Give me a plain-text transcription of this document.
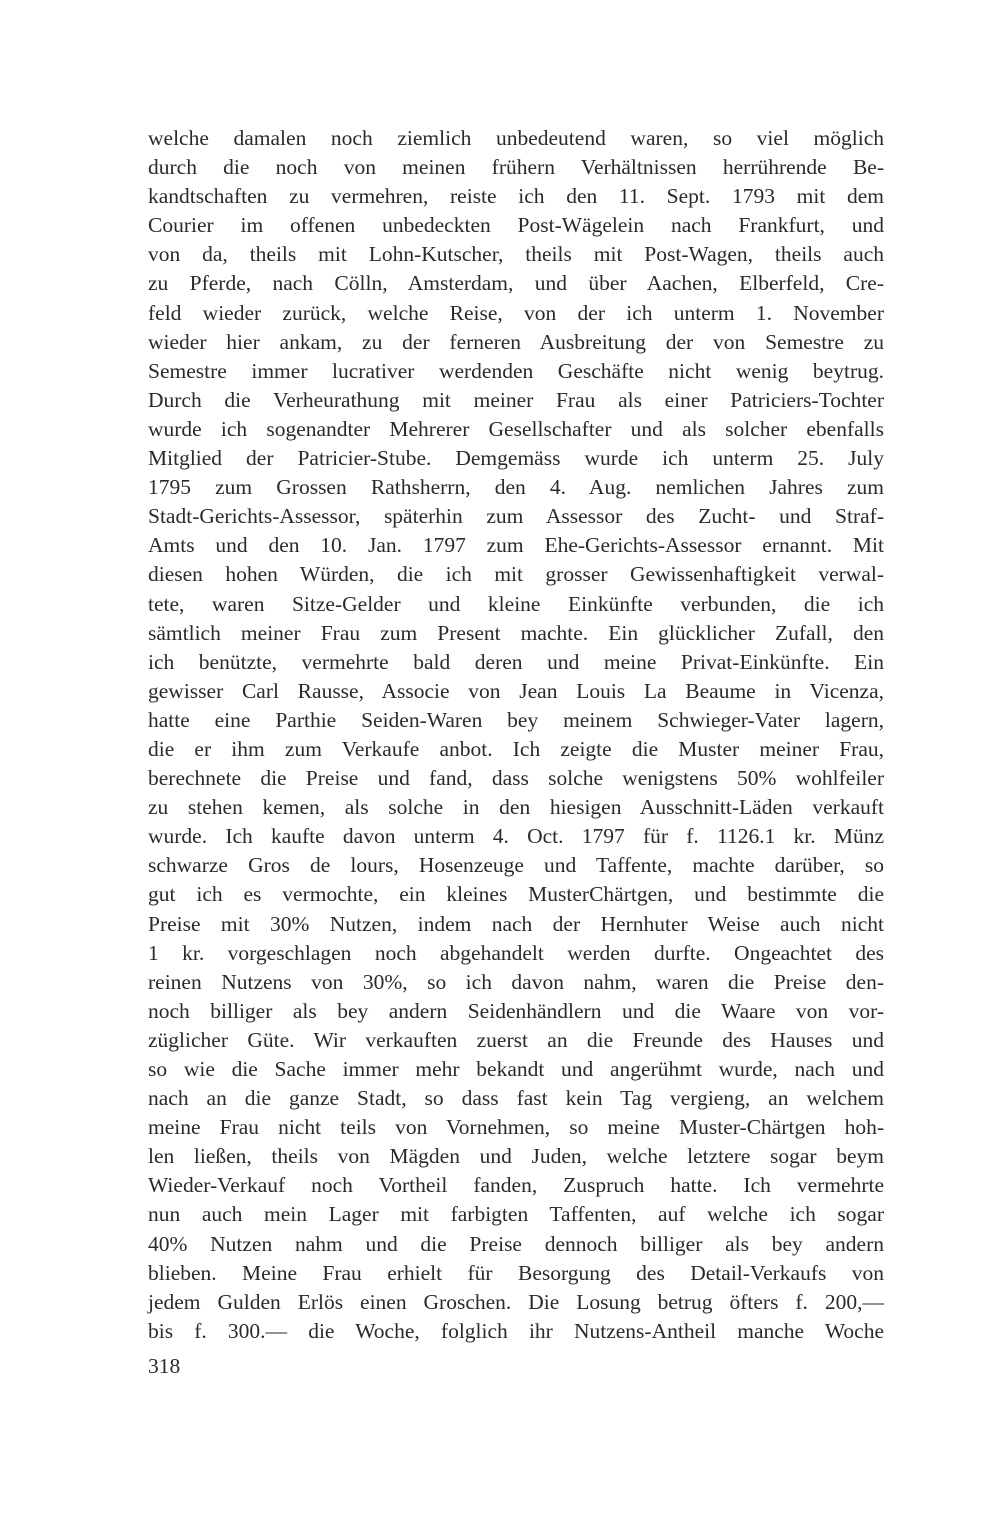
welche damalen noch ziemlich unbedeutend waren, so viel möglich
durch die noch von meinen frühern Verhältnissen herrührende Be-
kandtschaften zu vermehren, reiste ich den 11. Sept. 1793 mit dem
Courier im offenen unbedeckten Post-Wägelein nach Frankfurt, und
von da, theils mit Lohn-Kutscher, theils mit Post-Wagen, theils auch
zu Pferde, nach Cölln, Amsterdam, und über Aachen, Elberfeld, Cre-
feld wieder zurück, welche Reise, von der ich unterm 1. November
wieder hier ankam, zu der ferneren Ausbreitung der von Semestre zu
Semestre immer lucrativer werdenden Geschäfte nicht wenig beytrug.
Durch die Verheurathung mit meiner Frau als einer Patriciers-Tochter
wurde ich sogenandter Mehrerer Gesellschafter und als solcher ebenfalls
Mitglied der Patricier-Stube. Demgemäss wurde ich unterm 25. July
1795 zum Grossen Rathsherrn, den 4. Aug. nemlichen Jahres zum
Stadt-Gerichts-Assessor, späterhin zum Assessor des Zucht- und Straf-
Amts und den 10. Jan. 1797 zum Ehe-Gerichts-Assessor ernannt. Mit
diesen hohen Würden, die ich mit grosser Gewissenhaftigkeit verwal-
tete, waren Sitze-Gelder und kleine Einkünfte verbunden, die ich
sämtlich meiner Frau zum Present machte. Ein glücklicher Zufall, den
ich benützte, vermehrte bald deren und meine Privat-Einkünfte. Ein
gewisser Carl Rausse, Associe von Jean Louis La Beaume in Vicenza,
hatte eine Parthie Seiden-Waren bey meinem Schwieger-Vater lagern,
die er ihm zum Verkaufe anbot. Ich zeigte die Muster meiner Frau,
berechnete die Preise und fand, dass solche wenigstens 50% wohlfeiler
zu stehen kemen, als solche in den hiesigen Ausschnitt-Läden verkauft
wurde. Ich kaufte davon unterm 4. Oct. 1797 für f. 1126.1 kr. Münz
schwarze Gros de lours, Hosenzeuge und Taffente, machte darüber, so
gut ich es vermochte, ein kleines MusterChärtgen, und bestimmte die
Preise mit 30% Nutzen, indem nach der Hernhuter Weise auch nicht
1 kr. vorgeschlagen noch abgehandelt werden durfte. Ongeachtet des
reinen Nutzens von 30%, so ich davon nahm, waren die Preise den-
noch billiger als bey andern Seidenhändlern und die Waare von vor-
züglicher Güte. Wir verkauften zuerst an die Freunde des Hauses und
so wie die Sache immer mehr bekandt und angerühmt wurde, nach und
nach an die ganze Stadt, so dass fast kein Tag vergieng, an welchem
meine Frau nicht teils von Vornehmen, so meine Muster-Chärtgen hoh-
len ließen, theils von Mägden und Juden, welche letztere sogar beym
Wieder-Verkauf noch Vortheil fanden, Zuspruch hatte. Ich vermehrte
nun auch mein Lager mit farbigten Taffenten, auf welche ich sogar
40% Nutzen nahm und die Preise dennoch billiger als bey andern
blieben. Meine Frau erhielt für Besorgung des Detail-Verkaufs von
jedem Gulden Erlös einen Groschen. Die Losung betrug öfters f. 200,—
bis f. 300.— die Woche, folglich ihr Nutzens-Antheil manche Woche
318
